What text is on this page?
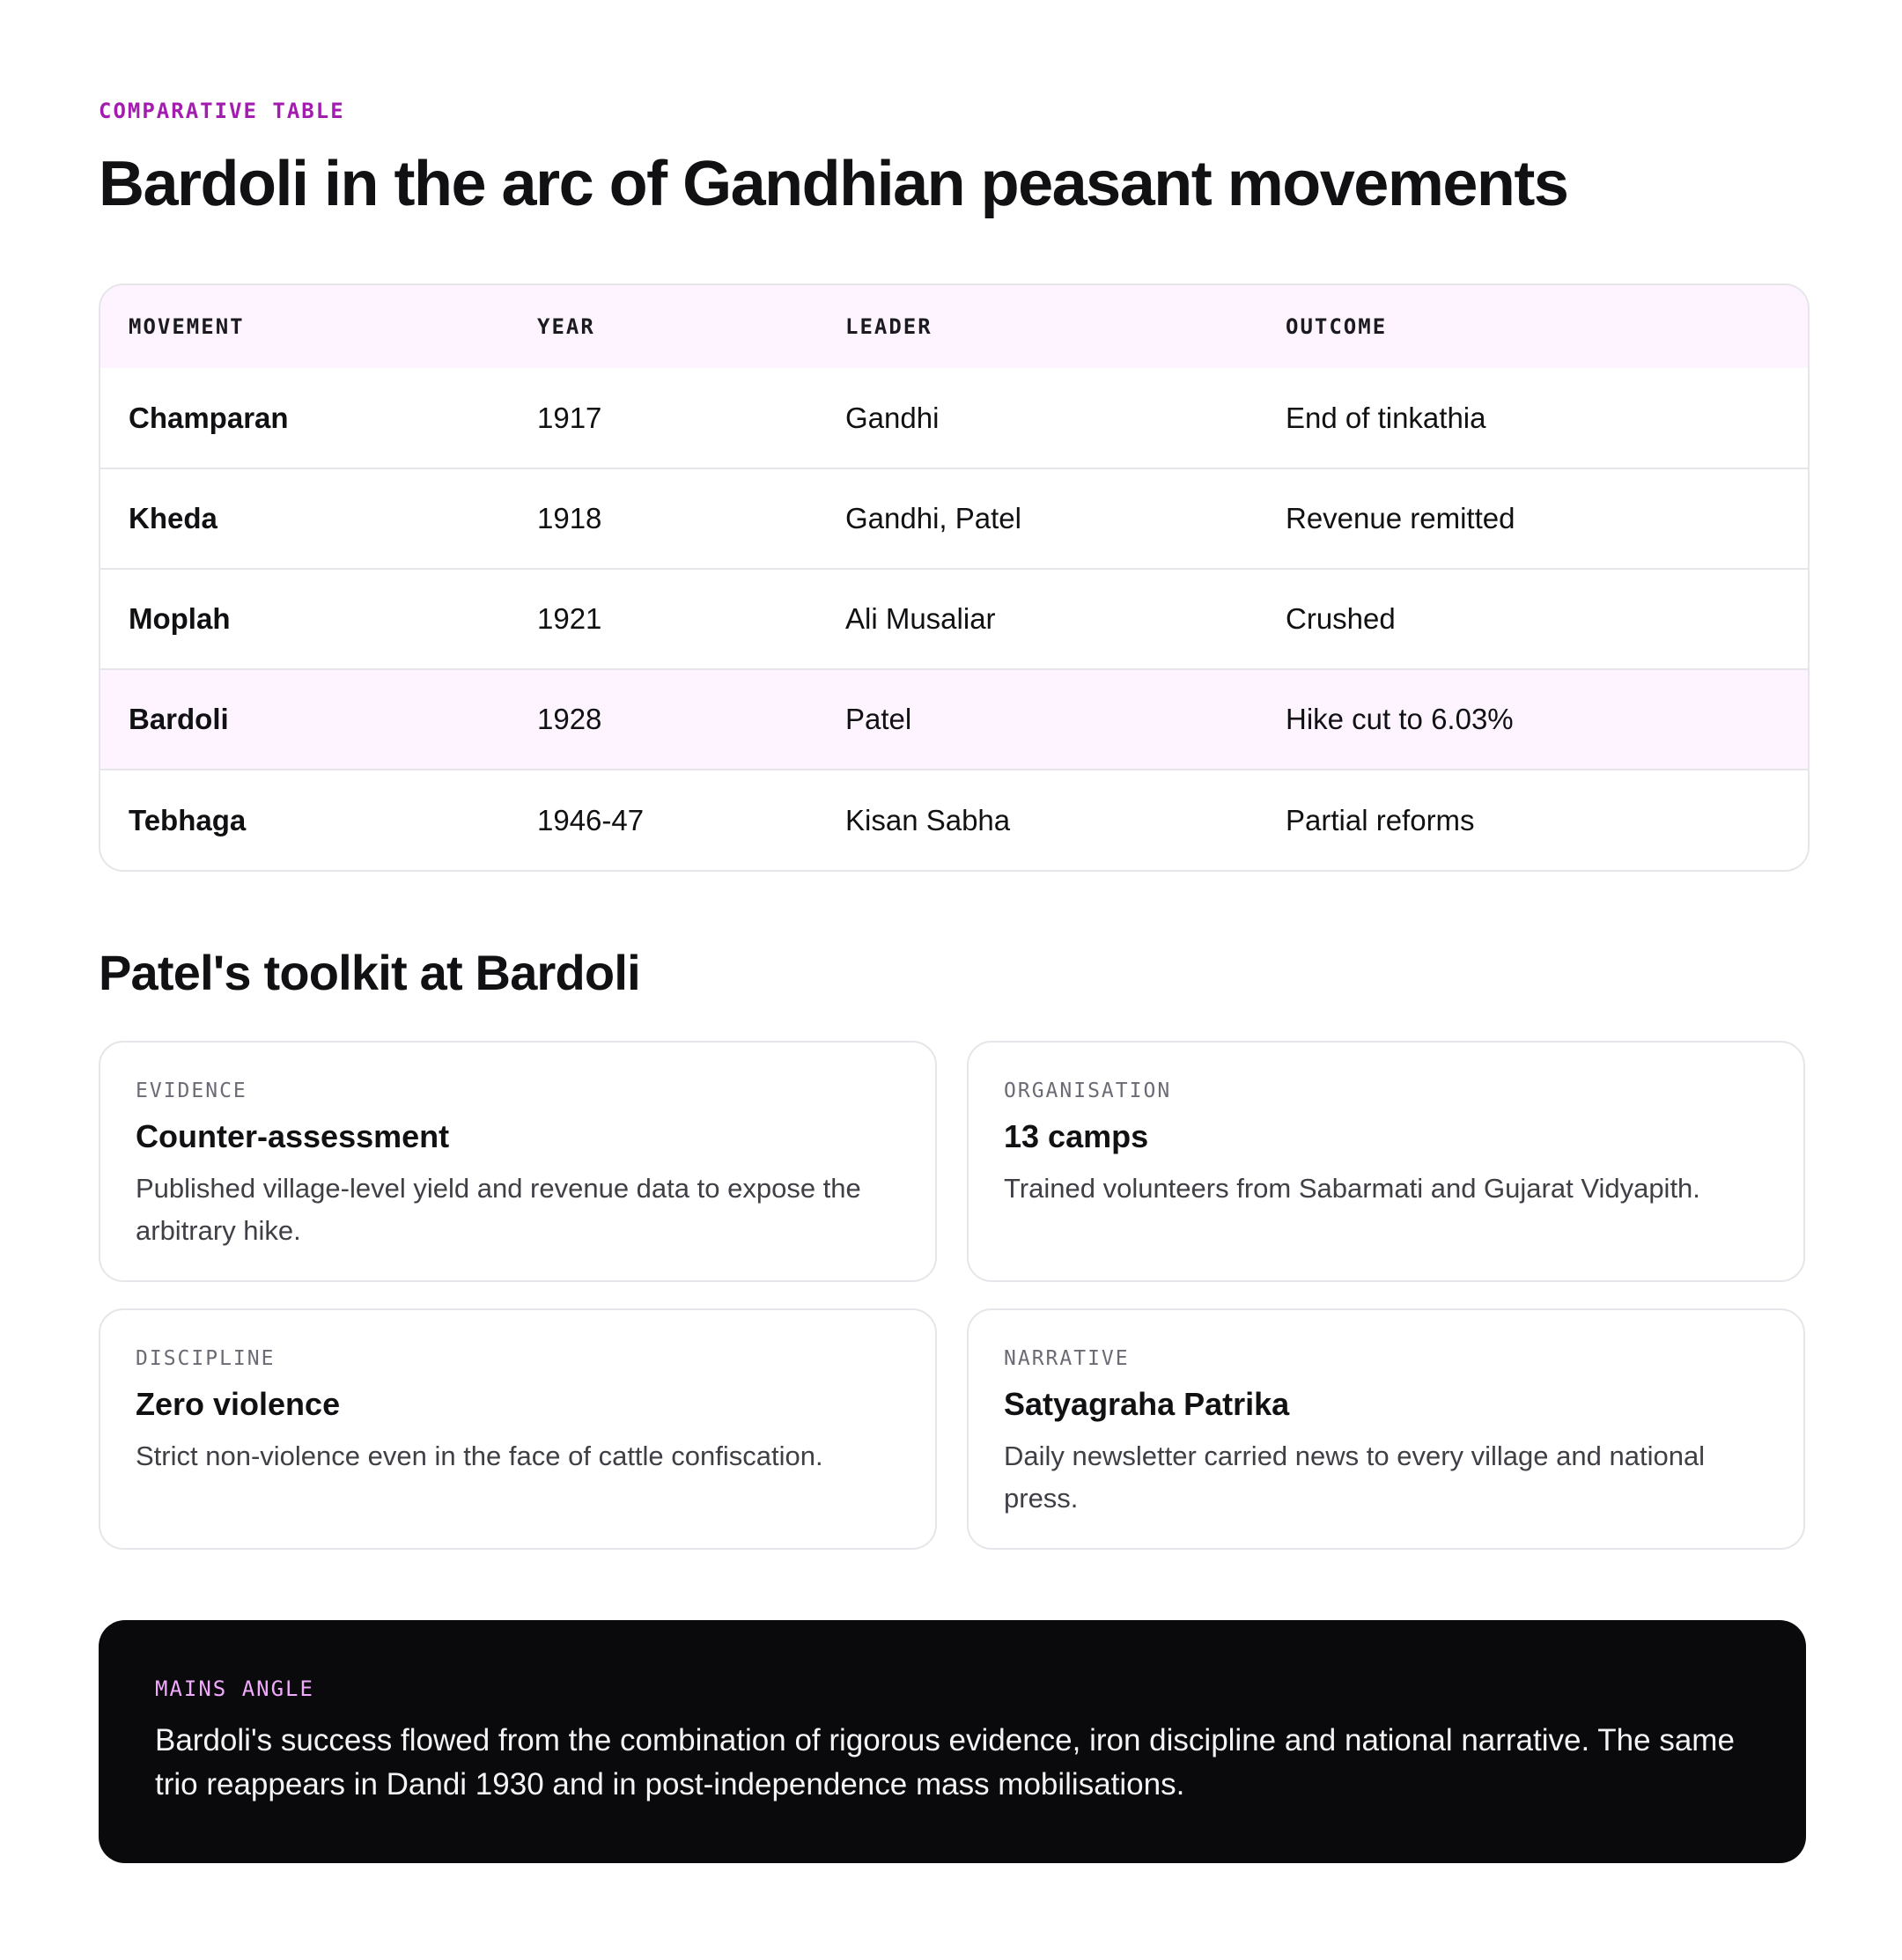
COMPARATIVE TABLE
Bardoli in the arc of Gandhian peasant movements
MOVEMENT	YEAR	LEADER	OUTCOME
Champaran	1917	Gandhi	End of tinkathia
Kheda	1918	Gandhi, Patel	Revenue remitted
Moplah	1921	Ali Musaliar	Crushed
Bardoli	1928	Patel	Hike cut to 6.03%
Tebhaga	1946-47	Kisan Sabha	Partial reforms
Patel's toolkit at Bardoli
EVIDENCE
Counter-assessment
Published village-level yield and revenue data to expose the arbitrary hike.
ORGANISATION
13 camps
Trained volunteers from Sabarmati and Gujarat Vidyapith.
DISCIPLINE
Zero violence
Strict non-violence even in the face of cattle confiscation.
NARRATIVE
Satyagraha Patrika
Daily newsletter carried news to every village and national press.
MAINS ANGLE
Bardoli's success flowed from the combination of rigorous evidence, iron discipline and national narrative. The same trio reappears in Dandi 1930 and in post-independence mass mobilisations.
